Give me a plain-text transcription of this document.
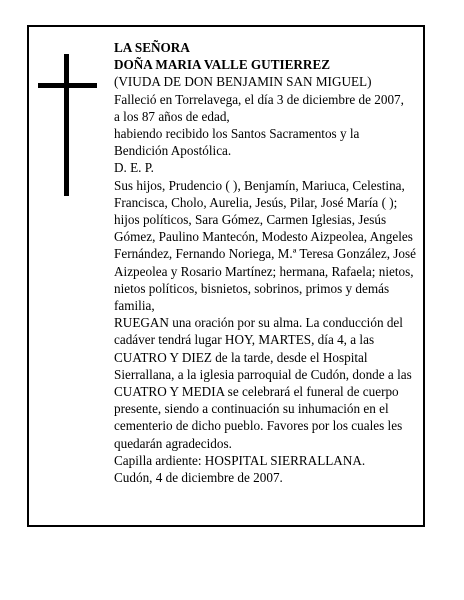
LA SEÑORA

DOÑA MARIA VALLE GUTIERREZ

(VIUDA DE DON BENJAMIN SAN MIGUEL)

Falleció en Torrelavega, el día 3 de diciembre de 2007,

a los 87 años de edad,

habiendo recibido los Santos Sacramentos y la

Bendición Apostólica.

D. E. P.

Sus hijos, Prudencio ( ), Benjamín, Mariuca, Celestina, Francisca, Cholo, Aurelia, Jesús, Pilar, José María ( ); hijos políticos, Sara Gómez, Carmen Iglesias, Jesús Gómez, Paulino Mantecón, Modesto Aizpeolea, Angeles Fernández, Fernando Noriega, M.ª Teresa González, José Aizpeolea y Rosario Martínez; hermana, Rafaela; nietos, nietos políticos, bisnietos, sobrinos, primos y demás familia,

RUEGAN una oración por su alma. La conducción del cadáver tendrá lugar HOY, MARTES, día 4, a las CUATRO Y DIEZ de la tarde, desde el Hospital Sierrallana, a la iglesia parroquial de Cudón, donde a las CUATRO Y MEDIA se celebrará el funeral de cuerpo presente, siendo a continuación su inhumación en el cementerio de dicho pueblo. Favores por los cuales les quedarán agradecidos.

Capilla ardiente: HOSPITAL SIERRALLANA.

Cudón, 4 de diciembre de 2007.
